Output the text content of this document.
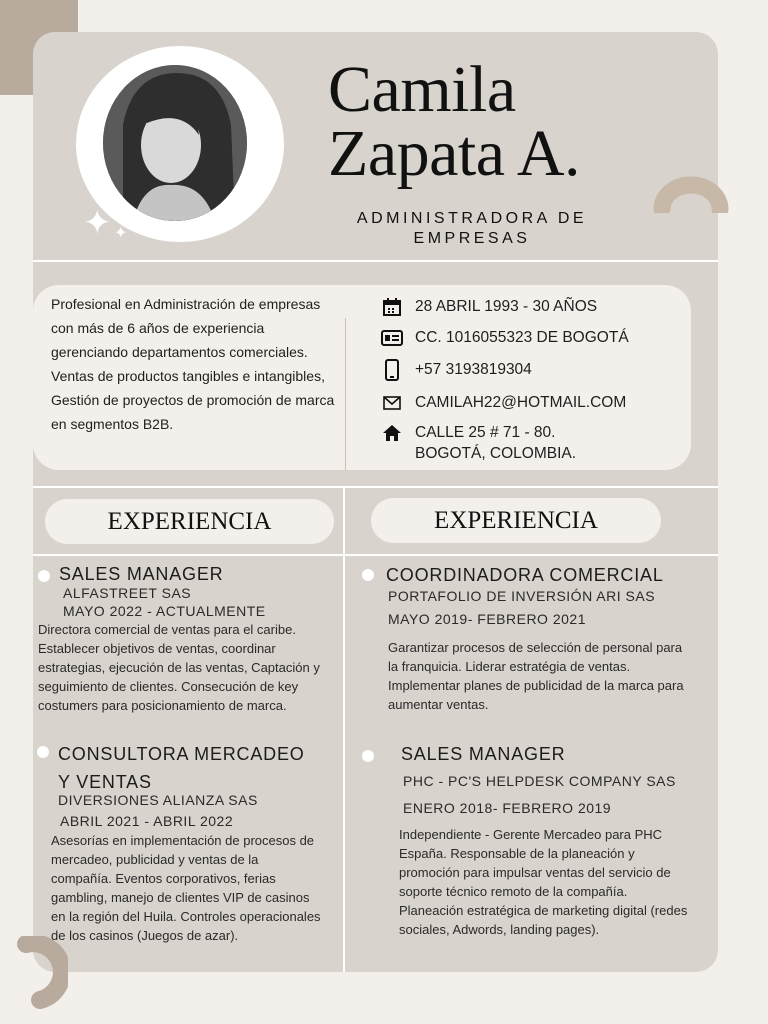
✦ ✦
Camila
Zapata A.
ADMINISTRADORA DE EMPRESAS

Profesional en Administración de empresas con más de 6 años de experiencia gerenciando departamentos comerciales. Ventas de productos tangibles e intangibles, Gestión de proyectos de promoción de marca en segmentos B2B.

28 ABRIL 1993 - 30 AÑOS
CC. 1016055323 DE BOGOTÁ
+57 3193819304
CAMILAH22@HOTMAIL.COM
CALLE 25 # 71 - 80.
BOGOTÁ, COLOMBIA.
EXPERIENCIA	EXPERIENCIA

SALES MANAGER

ALFASTREET SAS

MAYO 2022 - ACTUALMENTE

Directora comercial de ventas para el caribe. Establecer objetivos de ventas, coordinar estrategias, ejecución de las ventas, Captación y seguimiento de clientes. Consecución de key costumers para posicionamiento de marca.

CONSULTORA MERCADEO
Y VENTAS

DIVERSIONES ALIANZA SAS

ABRIL 2021 - ABRIL 2022

Asesorías en implementación de procesos de mercadeo, publicidad y ventas de la compañía. Eventos corporativos, ferias gambling, manejo de clientes VIP de casinos en la región del Huila. Controles operacionales de los casinos (Juegos de azar).

COORDINADORA COMERCIAL

PORTAFOLIO DE INVERSIÓN ARI SAS

MAYO 2019- FEBRERO 2021

Garantizar procesos de selección de personal para la franquicia. Liderar estratégia de ventas. Implementar planes de publicidad de la marca para aumentar ventas.

SALES MANAGER

PHC - PC'S HELPDESK COMPANY SAS

ENERO 2018- FEBRERO 2019

Independiente - Gerente Mercadeo para PHC España. Responsable de la planeación y promoción para impulsar ventas del servicio de soporte técnico remoto de la compañía. Planeación estratégica de marketing digital (redes sociales, Adwords, landing pages).
